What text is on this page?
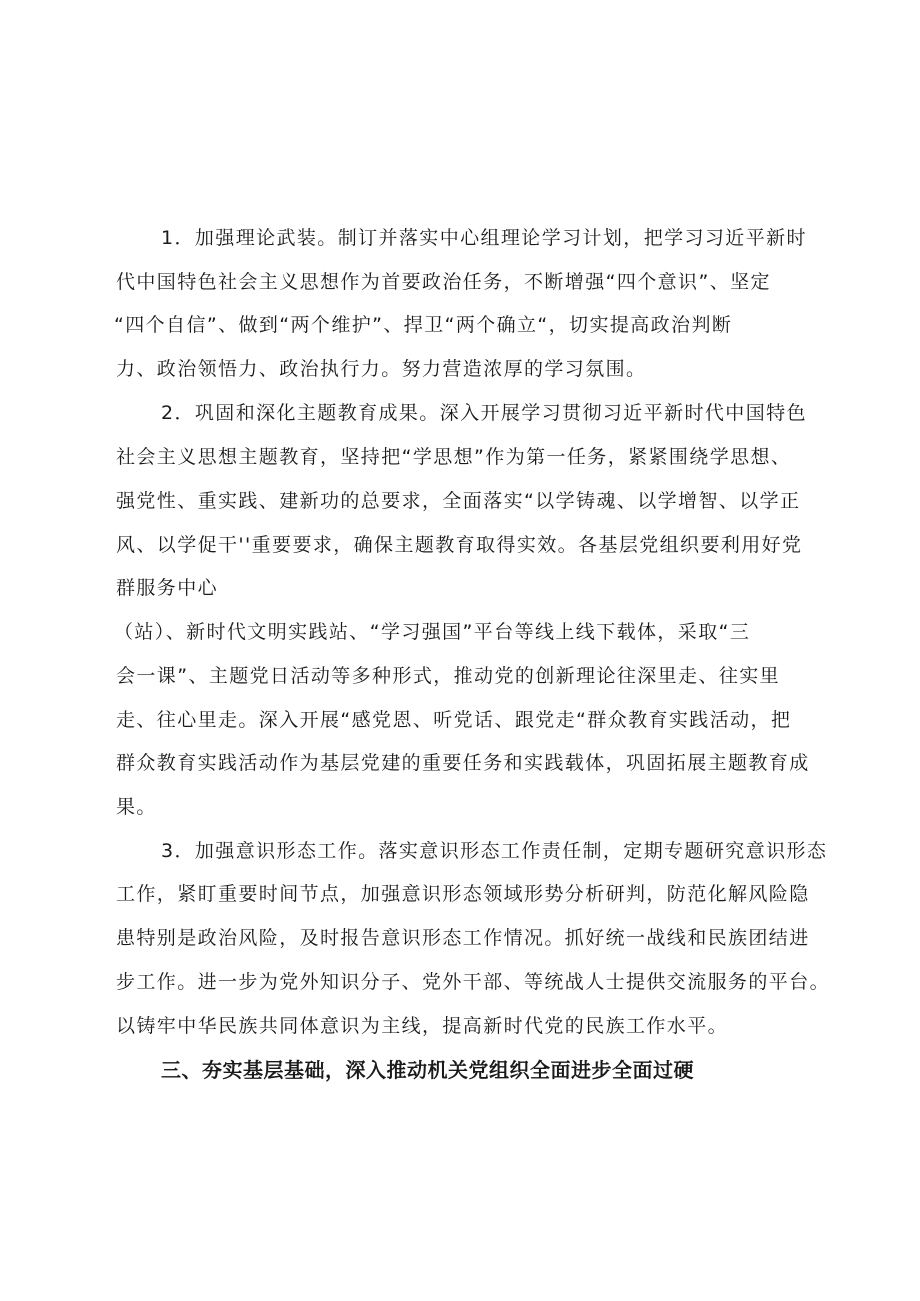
1．加强理论武装。制订并落实中心组理论学习计划，把学习习近平新时

代中国特色社会主义思想作为首要政治任务，不断增强“四个意识”、坚定

“四个自信”、做到“两个维护”、捍卫“两个确立“，切实提高政治判断

力、政治领悟力、政治执行力。努力营造浓厚的学习氛围。

2．巩固和深化主题教育成果。深入开展学习贯彻习近平新时代中国特色

社会主义思想主题教育，坚持把“学思想”作为第一任务，紧紧围绕学思想、

强党性、重实践、建新功的总要求，全面落实“以学铸魂、以学增智、以学正

风、以学促干''重要要求，确保主题教育取得实效。各基层党组织要利用好党

群服务中心

（站）、新时代文明实践站、“学习强国”平台等线上线下载体，采取“三

会一课”、主题党日活动等多种形式，推动党的创新理论往深里走、往实里

走、往心里走。深入开展“感党恩、听党话、跟党走“群众教育实践活动，把

群众教育实践活动作为基层党建的重要任务和实践载体，巩固拓展主题教育成

果。

3．加强意识形态工作。落实意识形态工作责任制，定期专题研究意识形态

工作，紧盯重要时间节点，加强意识形态领域形势分析研判，防范化解风险隐

患特别是政治风险，及时报告意识形态工作情况。抓好统一战线和民族团结进

步工作。进一步为党外知识分子、党外干部、等统战人士提供交流服务的平台。

以铸牢中华民族共同体意识为主线，提高新时代党的民族工作水平。

三、夯实基层基础，深入推动机关党组织全面进步全面过硬
